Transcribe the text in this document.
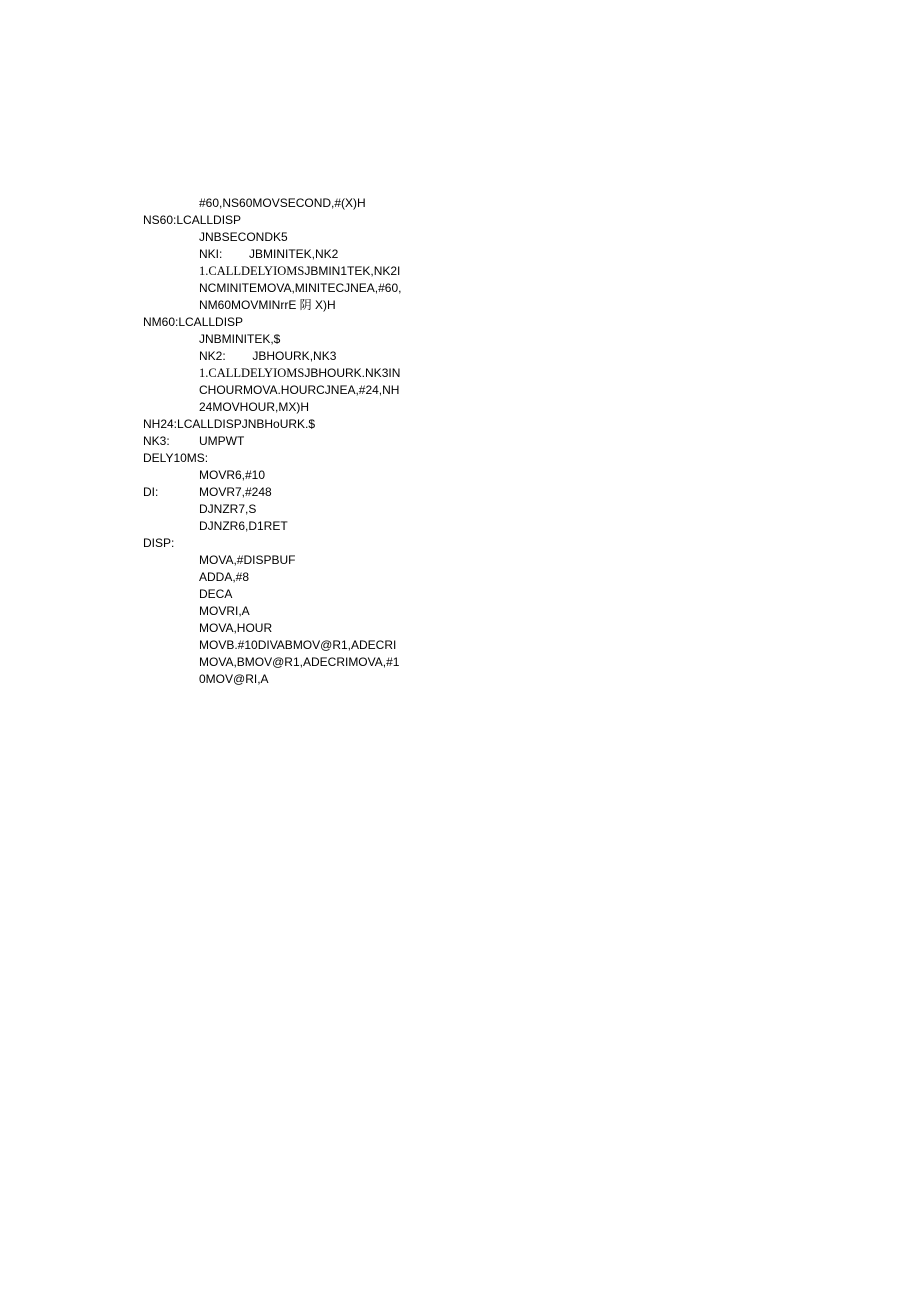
#60,NS60MOVSECOND,#(X)H
NS60:LCALLDISP
JNBSECONDK5
NKI:        JBMINITEK,NK2
1.CALLDELYIOMSJBMIN1TEK,NK2I
NCMINITEMOVA,MINITECJNEA,#60,
NM60MOVMINrrE 阴 X)H
NM60:LCALLDISP
JNBMINITEK,$
NK2:        JBHOURK,NK3
1.CALLDELYIOMSJBHOURK.NK3IN
CHOURMOVA.HOURCJNEA,#24,NH
24MOVHOUR,MX)H
NH24:LCALLDISPJNBHoURK.$
NK3: UMPWT
DELY10MS:
MOVR6,#10
DI:	MOVR7,#248
DJNZR7,S
DJNZR6,D1RET
DISP:
MOVA,#DISPBUF
ADDA,#8
DECA
MOVRI,A
MOVA,HOUR
MOVB.#10DIVABMOV@R1,ADECRI
MOVA,BMOV@R1,ADECRIMOVA,#1
0MOV@RI,A
